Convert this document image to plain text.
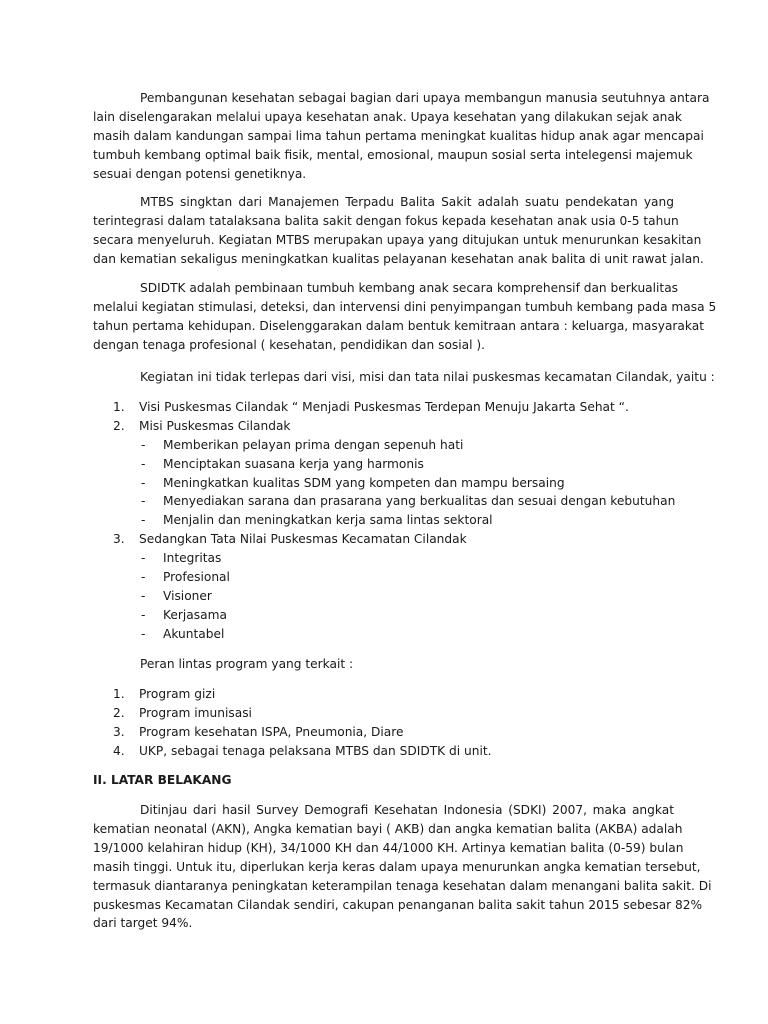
Pembangunan kesehatan sebagai bagian dari upaya membangun manusia seutuhnya antara
lain diselengarakan melalui upaya kesehatan anak. Upaya kesehatan yang dilakukan sejak anak
masih dalam kandungan sampai lima tahun pertama meningkat kualitas hidup anak agar mencapai
tumbuh kembang optimal baik fisik, mental, emosional, maupun sosial serta intelegensi majemuk
sesuai dengan potensi genetiknya.
MTBS singktan dari Manajemen Terpadu Balita Sakit adalah suatu pendekatan yang
terintegrasi dalam tatalaksana balita sakit dengan fokus kepada kesehatan anak usia 0-5 tahun
secara menyeluruh. Kegiatan MTBS merupakan upaya yang ditujukan untuk menurunkan kesakitan
dan kematian sekaligus meningkatkan kualitas pelayanan kesehatan anak balita di unit rawat jalan.
SDIDTK adalah pembinaan tumbuh kembang anak secara komprehensif dan berkualitas
melalui kegiatan stimulasi, deteksi, dan intervensi dini penyimpangan tumbuh kembang pada masa 5
tahun pertama kehidupan. Diselenggarakan dalam bentuk kemitraan antara : keluarga, masyarakat
dengan tenaga profesional ( kesehatan, pendidikan dan sosial ).

Kegiatan ini tidak terlepas dari visi, misi dan tata nilai puskesmas kecamatan Cilandak, yaitu :

1. Visi Puskesmas Cilandak “ Menjadi Puskesmas Terdepan Menuju Jakarta Sehat “.
2. Misi Puskesmas Cilandak
- Memberikan pelayan prima dengan sepenuh hati
- Menciptakan suasana kerja yang harmonis
- Meningkatkan kualitas SDM yang kompeten dan mampu bersaing
- Menyediakan sarana dan prasarana yang berkualitas dan sesuai dengan kebutuhan
- Menjalin dan meningkatkan kerja sama lintas sektoral
3. Sedangkan Tata Nilai Puskesmas Kecamatan Cilandak
- Integritas
- Profesional
- Visioner
- Kerjasama
- Akuntabel

Peran lintas program yang terkait :

1. Program gizi
2. Program imunisasi
3. Program kesehatan ISPA, Pneumonia, Diare
4. UKP, sebagai tenaga pelaksana MTBS dan SDIDTK di unit.

II. LATAR BELAKANG

Ditinjau dari hasil Survey Demografi Kesehatan Indonesia (SDKI) 2007, maka angkat
kematian neonatal (AKN), Angka kematian bayi ( AKB) dan angka kematian balita (AKBA) adalah
19/1000 kelahiran hidup (KH), 34/1000 KH dan 44/1000 KH. Artinya kematian balita (0-59) bulan
masih tinggi. Untuk itu, diperlukan kerja keras dalam upaya menurunkan angka kematian tersebut,
termasuk diantaranya peningkatan keterampilan tenaga kesehatan dalam menangani balita sakit. Di
puskesmas Kecamatan Cilandak sendiri, cakupan penanganan balita sakit tahun 2015 sebesar 82%
dari target 94%.
